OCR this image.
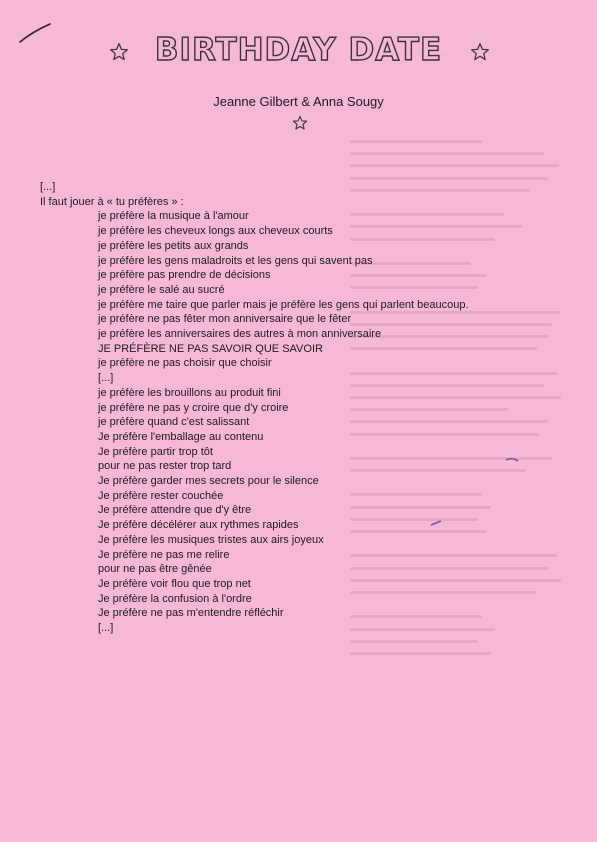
BIRTHDAY DATE
Jeanne Gilbert & Anna Sougy
[...]
Il faut jouer à « tu préfères » :
je préfère la musique à l'amour
je préfère les cheveux longs aux cheveux courts
je préfère les petits aux grands
je préfère les gens maladroits et les gens qui savent pas
je préfère pas prendre de décisions
je préfère le salé au sucré
je préfère me taire que parler mais je préfère les gens qui parlent beaucoup.
je préfère ne pas fêter mon anniversaire que le fêter
je préfère les anniversaires des autres à mon anniversaire
JE PRÉFÈRE NE PAS SAVOIR QUE SAVOIR
je préfère ne pas choisir que choisir
[...]
je préfère les brouillons au produit fini
je préfère ne pas y croire que d'y croire
je préfère quand c'est salissant
Je préfère l'emballage au contenu
Je préfère partir trop tôt
pour ne pas rester trop tard
Je préfère garder mes secrets pour le silence
Je préfère rester couchée
Je préfère attendre que d'y être
Je préfère décélérer aux rythmes rapides
Je préfère les musiques tristes aux airs joyeux
Je préfère ne pas me relire
pour ne pas être gênée
Je préfère voir flou que trop net
Je préfère la confusion à l'ordre
Je préfère ne pas m'entendre réfléchir
[...]
